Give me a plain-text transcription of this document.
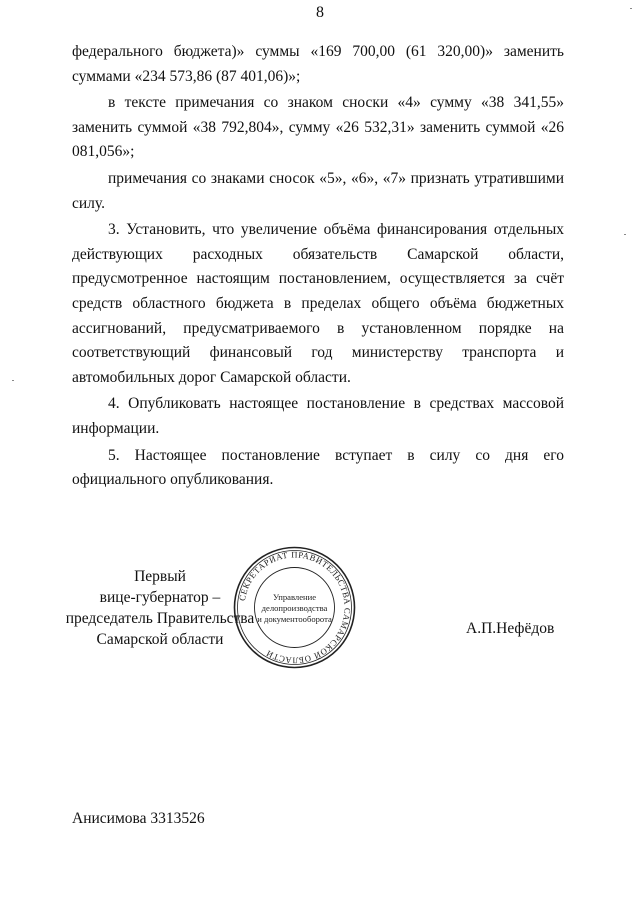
8

федерального бюджета)» суммы «169 700,00 (61 320,00)» заменить суммами «234 573,86 (87 401,06)»;

в тексте примечания со знаком сноски «4» сумму «38 341,55» заменить суммой «38 792,804», сумму «26 532,31» заменить суммой «26 081,056»;

примечания со знаками сносок «5», «6», «7» признать утратившими силу.

3. Установить, что увеличение объёма финансирования отдельных действующих расходных обязательств Самарской области, предусмотренное настоящим постановлением, осуществляется за счёт средств областного бюджета в пределах общего объёма бюджетных ассигнований, предусматриваемого в установленном порядке на соответствующий финансовый год министерству транспорта и автомобильных дорог Самарской области.

4. Опубликовать настоящее постановление в средствах массовой информации.

5. Настоящее постановление вступает в силу со дня его официального опубликования.

Первый
вице-губернатор –
председатель Правительства
Самарской области
СЕКРЕТАРИАТ ПРАВИТЕЛЬСТВА САМАРСКОЙ ОБЛАСТИ
Управление
делопроизводства
и документооборота
А.П.Нефёдов
Анисимова 3313526
